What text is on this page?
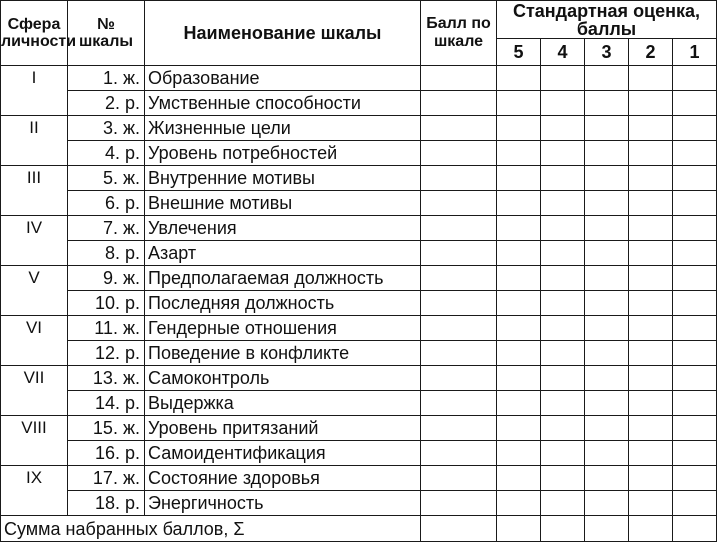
Сфера личности	№ шкалы	Наименование шкалы	Балл по шкале	Стандартная оценка, баллы				
				5	4	3	2	1
I	1. ж.	Образование						
	2. р.	Умственные способности						
II	3. ж.	Жизненные цели						
	4. р.	Уровень потребностей						
III	5. ж.	Внутренние мотивы						
	6. р.	Внешние мотивы						
IV	7. ж.	Увлечения						
	8. р.	Азарт						
V	9. ж.	Предполагаемая должность						
	10. р.	Последняя должность						
VI	11. ж.	Гендерные отношения						
	12. р.	Поведение в конфликте						
VII	13. ж.	Самоконтроль						
	14. р.	Выдержка						
VIII	15. ж.	Уровень притязаний						
	16. р.	Самоидентификация						
IX	17. ж.	Состояние здоровья						
	18. р.	Энергичность						
Сумма набранных баллов, Σ								
